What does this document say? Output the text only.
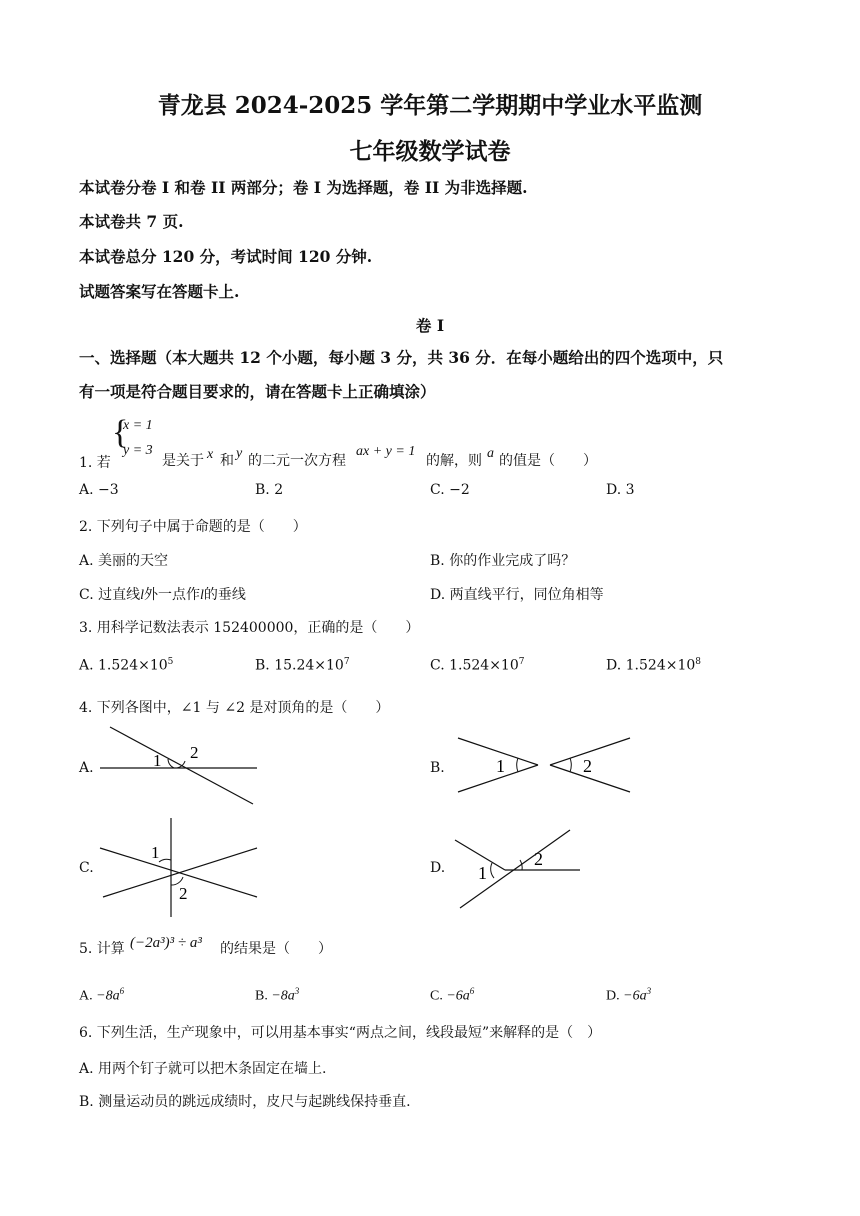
青龙县 2024-2025 学年第二学期期中学业水平监测
七年级数学试卷
本试卷分卷 I 和卷 II 两部分；卷 I 为选择题，卷 II 为非选择题.
本试卷共 7 页.
本试卷总分 120 分，考试时间 120 分钟.
试题答案写在答题卡上.
卷 I
一、选择题（本大题共 12 个小题，每小题 3 分，共 36 分．在每小题给出的四个选项中，只
有一项是符合题目要求的，请在答题卡上正确填涂）
{
x = 1
y = 3
1. 若	是关于 x 和 y 的二元一次方程
ax + y = 1
的解，则 a 的值是（　　）
A. −3	B. 2	C. −2	D. 3
2. 下列句子中属于命题的是（　　）
A. 美丽的天空	B. 你的作业完成了吗？
C. 过直线l外一点作l的垂线	D. 两直线平行，同位角相等
3. 用科学记数法表示 152400000，正确的是（　　）
A. $1.524\times 10^5$	B. $15.24\times 10^7$	C. $1.524\times 10^7$	D. $1.524\times 10^8$
4. 下列各图中，∠1 与 ∠2 是对顶角的是（　　）
A.	1 2
B.	1	2
C.
1
2
D. 1
2
5. 计算 (−2a³)³ ÷ a³ 的结果是（　　）
A. $-8a^6$	B. $-8a^3$	C. $-6a^6$	D. $-6a^3$
6. 下列生活，生产现象中，可以用基本事实“两点之间，线段最短”来解释的是（　）
A. 用两个钉子就可以把木条固定在墙上.
B. 测量运动员的跳远成绩时，皮尺与起跳线保持垂直.
